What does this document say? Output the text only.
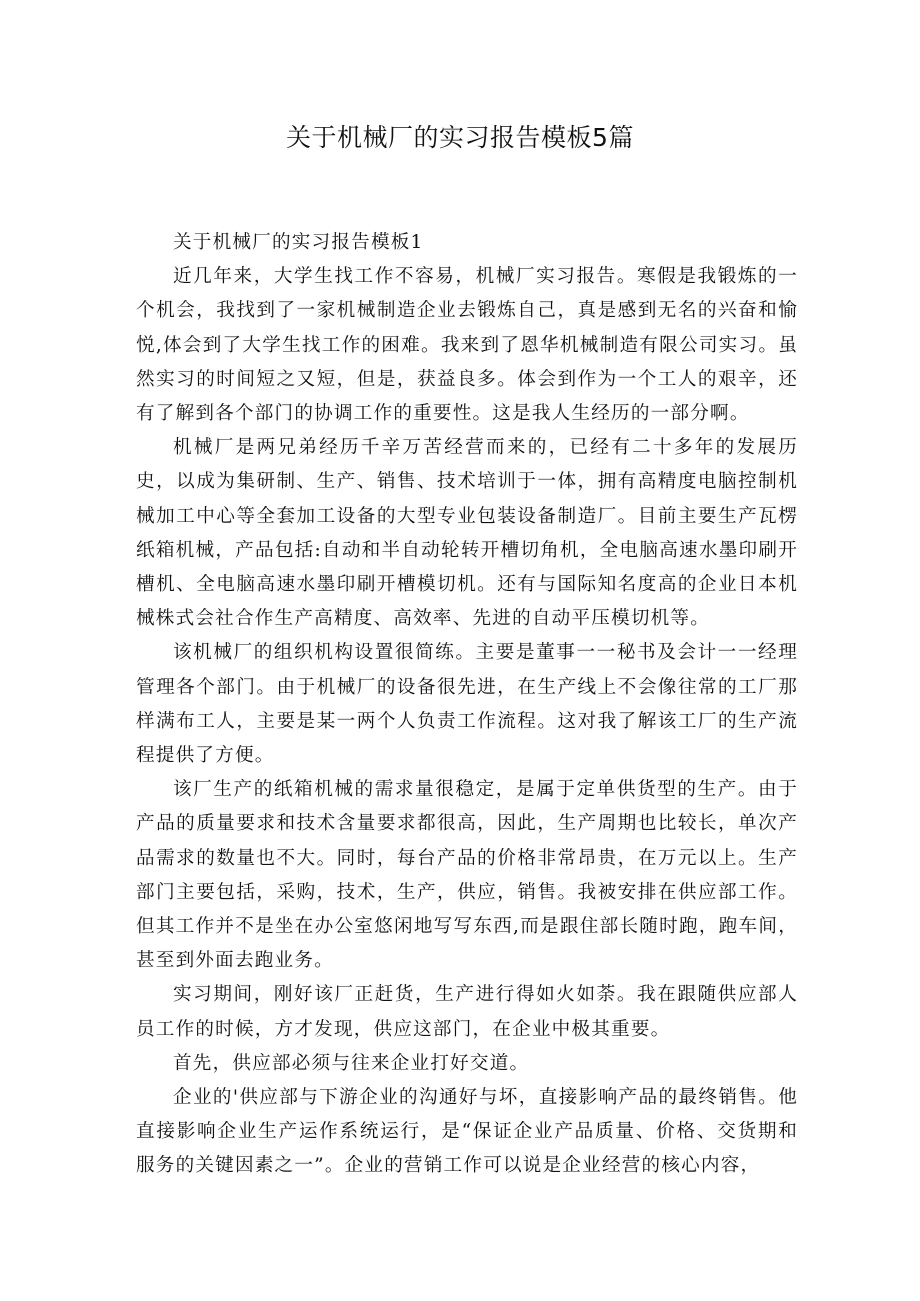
关于机械厂的实习报告模板5篇

关于机械厂的实习报告模板1

近几年来，大学生找工作不容易，机械厂实习报告。寒假是我锻炼的一个机会，我找到了一家机械制造企业去锻炼自己，真是感到无名的兴奋和愉悦,体会到了大学生找工作的困难。我来到了恩华机械制造有限公司实习。虽然实习的时间短之又短，但是，获益良多。体会到作为一个工人的艰辛，还有了解到各个部门的协调工作的重要性。这是我人生经历的一部分啊。

机械厂是两兄弟经历千辛万苦经营而来的，已经有二十多年的发展历史，以成为集研制、生产、销售、技术培训于一体，拥有高精度电脑控制机械加工中心等全套加工设备的大型专业包装设备制造厂。目前主要生产瓦楞纸箱机械，产品包括:自动和半自动轮转开槽切角机，全电脑高速水墨印刷开槽机、全电脑高速水墨印刷开槽模切机。还有与国际知名度高的企业日本机械株式会社合作生产高精度、高效率、先进的自动平压模切机等。

该机械厂的组织机构设置很简练。主要是董事一一秘书及会计一一经理管理各个部门。由于机械厂的设备很先进，在生产线上不会像往常的工厂那样满布工人，主要是某一两个人负责工作流程。这对我了解该工厂的生产流程提供了方便。

该厂生产的纸箱机械的需求量很稳定，是属于定单供货型的生产。由于产品的质量要求和技术含量要求都很高，因此，生产周期也比较长，单次产品需求的数量也不大。同时，每台产品的价格非常昂贵，在万元以上。生产部门主要包括，采购，技术，生产，供应，销售。我被安排在供应部工作。但其工作并不是坐在办公室悠闲地写写东西,而是跟住部长随时跑，跑车间，甚至到外面去跑业务。

实习期间，刚好该厂正赶货，生产进行得如火如荼。我在跟随供应部人员工作的时候，方才发现，供应这部门，在企业中极其重要。

首先，供应部必须与往来企业打好交道。

企业的'供应部与下游企业的沟通好与坏，直接影响产品的最终销售。他直接影响企业生产运作系统运行，是“保证企业产品质量、价格、交货期和服务的关键因素之一”。企业的营销工作可以说是企业经营的核心内容，
